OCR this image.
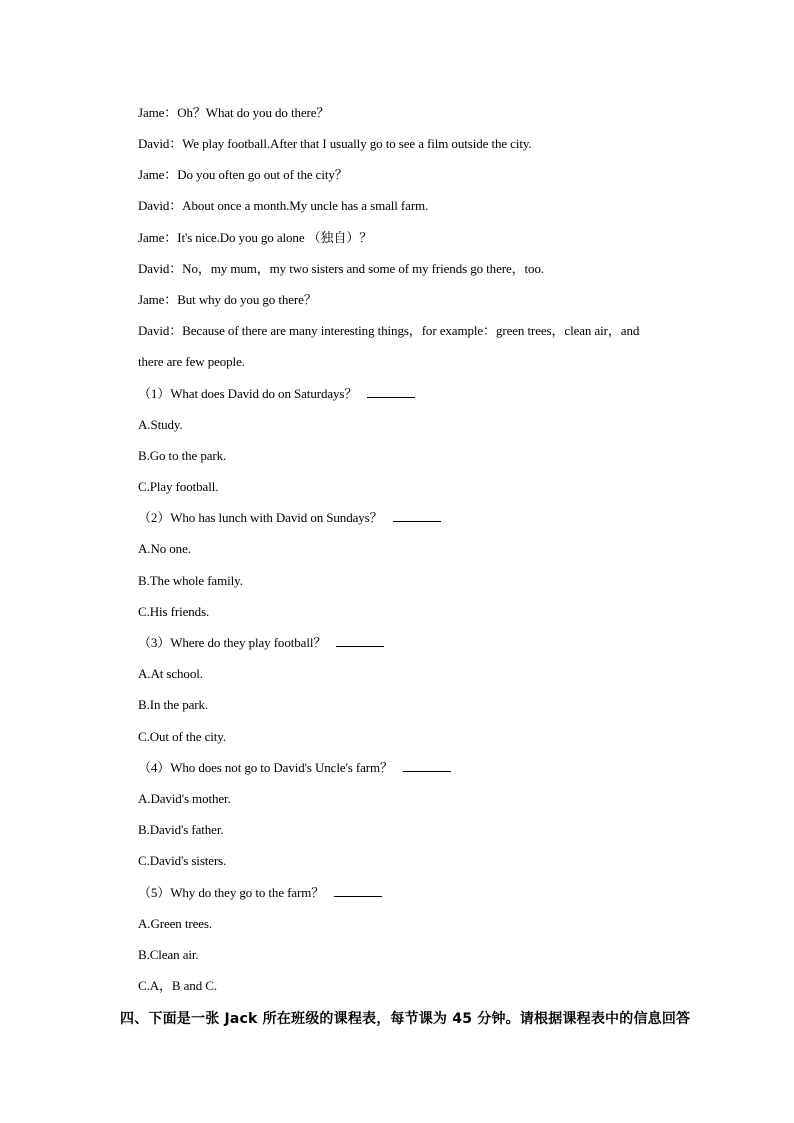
Jame：Oh？What do you do there？
David：We play football.After that I usually go to see a film outside the city.
Jame：Do you often go out of the city？
David：About once a month.My uncle has a small farm.
Jame：It's nice.Do you go alone （独自）？
David：No，my mum，my two sisters and some of my friends go there，too.
Jame：But why do you go there？
David：Because of there are many interesting things，for example：green trees，clean air，and
there are few people.
（1）What does David do on Saturdays？
A.Study.
B.Go to the park.
C.Play football.
（2）Who has lunch with David on Sundays？
A.No one.
B.The whole family.
C.His friends.
（3）Where do they play football？
A.At school.
B.In the park.
C.Out of the city.
（4）Who does not go to David's Uncle's farm？
A.David's mother.
B.David's father.
C.David's sisters.
（5）Why do they go to the farm？
A.Green trees.
B.Clean air.
C.A，B and C.
四、下面是一张 Jack 所在班级的课程表，每节课为 45 分钟。请根据课程表中的信息回答
